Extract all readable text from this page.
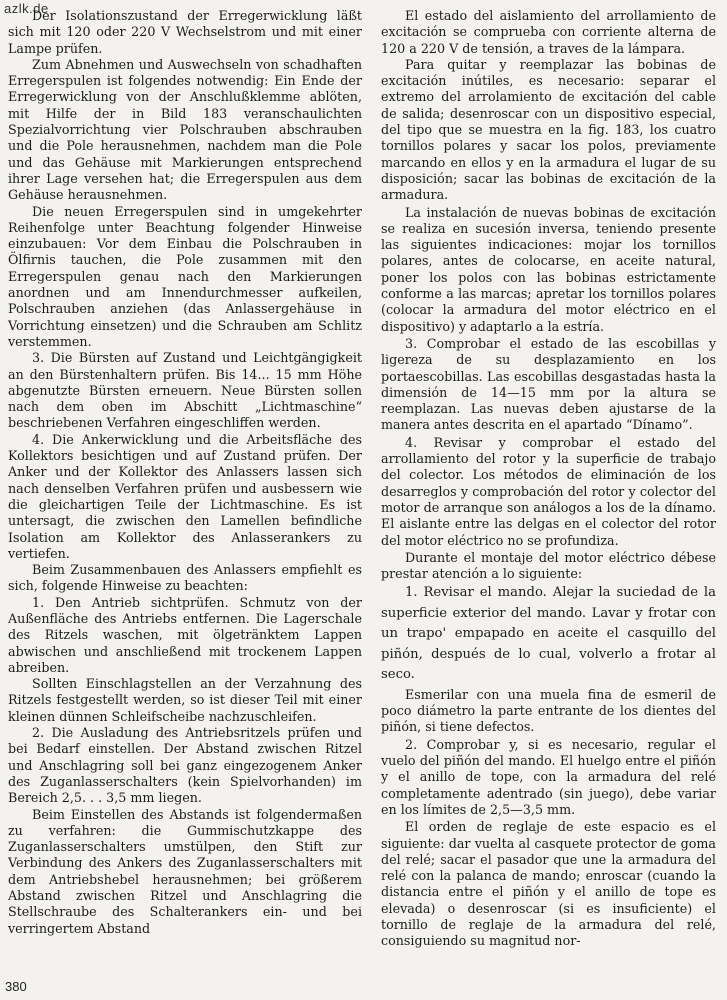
azlk.de

Der Isolationszustand der Erregerwicklung läßt sich mit 120 oder 220 V Wechselstrom und mit einer Lampe prüfen.

Zum Abnehmen und Auswechseln von schadhaften Erregerspulen ist folgendes notwendig: Ein Ende der Erregerwicklung von der Anschlußklemme ablöten, mit Hilfe der in Bild 183 veranschaulichten Spezialvorrichtung vier Polschrauben abschrauben und die Pole herausnehmen, nachdem man die Pole und das Gehäuse mit Markierungen entsprechend ihrer Lage versehen hat; die Erregerspulen aus dem Gehäuse herausnehmen.

Die neuen Erregerspulen sind in umgekehrter Reihenfolge unter Beachtung folgender Hinweise einzubauen: Vor dem Einbau die Polschrauben in Ölfirnis tauchen, die Pole zusammen mit den Erregerspulen genau nach den Markierungen anordnen und am Innendurchmesser aufkeilen, Polschrauben anziehen (das Anlassergehäuse in Vorrichtung einsetzen) und die Schrauben am Schlitz verstemmen.

3. Die Bürsten auf Zustand und Leichtgängigkeit an den Bürstenhaltern prüfen. Bis 14... 15 mm Höhe abgenutzte Bürsten erneuern. Neue Bürsten sollen nach dem oben im Abschitt „Lichtmaschine“ beschriebenen Verfahren eingeschliffen werden.

4. Die Ankerwicklung und die Arbeitsfläche des Kollektors besichtigen und auf Zustand prüfen. Der Anker und der Kollektor des Anlassers lassen sich nach denselben Verfahren prüfen und ausbessern wie die gleichartigen Teile der Lichtmaschine. Es ist untersagt, die zwischen den Lamellen befindliche Isolation am Kollektor des Anlasserankers zu vertiefen.

Beim Zusammenbauen des Anlassers empfiehlt es sich, folgende Hinweise zu beachten:

1. Den Antrieb sichtprüfen. Schmutz von der Außenfläche des Antriebs entfernen. Die Lagerschale des Ritzels waschen, mit ölgetränktem Lappen abwischen und anschließend mit trockenem Lappen abreiben.

Sollten Einschlagstellen an der Verzahnung des Ritzels festgestellt werden, so ist dieser Teil mit einer kleinen dünnen Schleifscheibe nachzuschleifen.

2. Die Ausladung des Antriebsritzels prüfen und bei Bedarf einstellen. Der Abstand zwischen Ritzel und Anschlagring soll bei ganz eingezogenem Anker des Zuganlasserschalters (kein Spielvorhanden) im Bereich 2,5. . . 3,5 mm liegen.

Beim Einstellen des Abstands ist folgendermaßen zu verfahren: die Gummischutzkappe des Zuganlasserschalters umstülpen, den Stift zur Verbindung des Ankers des Zuganlasserschalters mit dem Antriebshebel herausnehmen; bei größerem Abstand zwischen Ritzel und Anschlagring die Stellschraube des Schalterankers ein- und bei verringertem Abstand

El estado del aislamiento del arrollamiento de excitación se comprueba con corriente alterna de 120 a 220 V de tensión, a traves de la lámpara.

Para quitar y reemplazar las bobinas de excitación inútiles, es necesario: separar el extremo del arrolamiento de excitación del cable de salida; desenroscar con un dispositivo especial, del tipo que se muestra en la fig. 183, los cuatro tornillos polares y sacar los polos, previamente marcando en ellos y en la armadura el lugar de su disposición; sacar las bobinas de excitación de la armadura.

La instalación de nuevas bobinas de excitación se realiza en sucesión inversa, teniendo presente las siguientes indicaciones: mojar los tornillos polares, antes de colocarse, en aceite natural, poner los polos con las bobinas estrictamente conforme a las marcas; apretar los tornillos polares (colocar la armadura del motor eléctrico en el dispositivo) y adaptarlo a la estría.

3. Comprobar el estado de las escobillas y ligereza de su desplazamiento en los portaescobillas. Las escobillas desgastadas hasta la dimensión de 14—15 mm por la altura se reemplazan. Las nuevas deben ajustarse de la manera antes descrita en el apartado “Dínamo”.

4. Revisar y comprobar el estado del arrollamiento del rotor y la superficie de trabajo del colector. Los métodos de eliminación de los desarreglos y comprobación del rotor y colector del motor de arranque son análogos a los de la dínamo. El aislante entre las delgas en el colector del rotor del motor eléctrico no se profundiza.

Durante el montaje del motor eléctrico débese prestar atención a lo siguiente:

1. Revisar el mando. Alejar la suciedad de la superficie exterior del mando. Lavar y frotar con un trapo' empapado en aceite el casquillo del piñón, después de lo cual, volverlo a frotar al seco.

Esmerilar con una muela fina de esmeril de poco diámetro la parte entrante de los dientes del piñón, si tiene defectos.

2. Comprobar y, si es necesario, regular el vuelo del piñón del mando. El huelgo entre el piñón y el anillo de tope, con la armadura del relé completamente adentrado (sin juego), debe variar en los límites de 2,5—3,5 mm.

El orden de reglaje de este espacio es el siguiente: dar vuelta al casquete protector de goma del relé; sacar el pasador que une la armadura del relé con la palanca de mando; enroscar (cuando la distancia entre el piñón y el anillo de tope es elevada) o desenroscar (si es insuficiente) el tornillo de reglaje de la armadura del relé, consiguiendo su magnitud nor-

380
